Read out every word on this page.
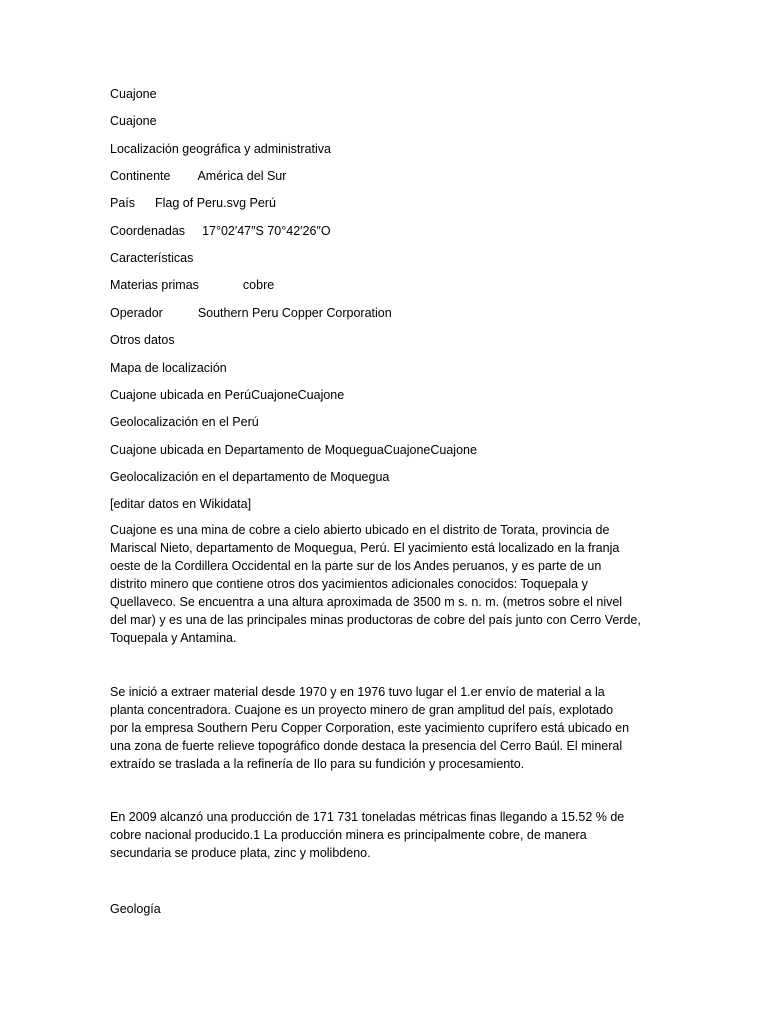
Cuajone
Cuajone
Localización geográfica y administrativa
Continente América del Sur
País Flag of Peru.svg Perú
Coordenadas 17°02′47″S 70°42′26″O
Características
Materias primas	cobre
Operador	Southern Peru Copper Corporation
Otros datos
Mapa de localización
Cuajone ubicada en PerúCuajoneCuajone
Geolocalización en el Perú
Cuajone ubicada en Departamento de MoqueguaCuajoneCuajone
Geolocalización en el departamento de Moquegua
[editar datos en Wikidata]
Cuajone es una mina de cobre a cielo abierto ubicado en el distrito de Torata, provincia de
Mariscal Nieto, departamento de Moquegua, Perú. El yacimiento está localizado en la franja
oeste de la Cordillera Occidental en la parte sur de los Andes peruanos, y es parte de un
distrito minero que contiene otros dos yacimientos adicionales conocidos: Toquepala y
Quellaveco. Se encuentra a una altura aproximada de 3500 m s. n. m. (metros sobre el nivel
del mar) y es una de las principales minas productoras de cobre del país junto con Cerro Verde,
Toquepala y Antamina.
Se inició a extraer material desde 1970 y en 1976 tuvo lugar el 1.er envío de material a la
planta concentradora. Cuajone es un proyecto minero de gran amplitud del país, explotado
por la empresa Southern Peru Copper Corporation, este yacimiento cuprífero está ubicado en
una zona de fuerte relieve topográfico donde destaca la presencia del Cerro Baúl. El mineral
extraído se traslada a la refinería de Ilo para su fundición y procesamiento.
En 2009 alcanzó una producción de 171 731 toneladas métricas finas llegando a 15.52 % de
cobre nacional producido.1 La producción minera es principalmente cobre, de manera
secundaria se produce plata, zinc y molibdeno.
Geología
